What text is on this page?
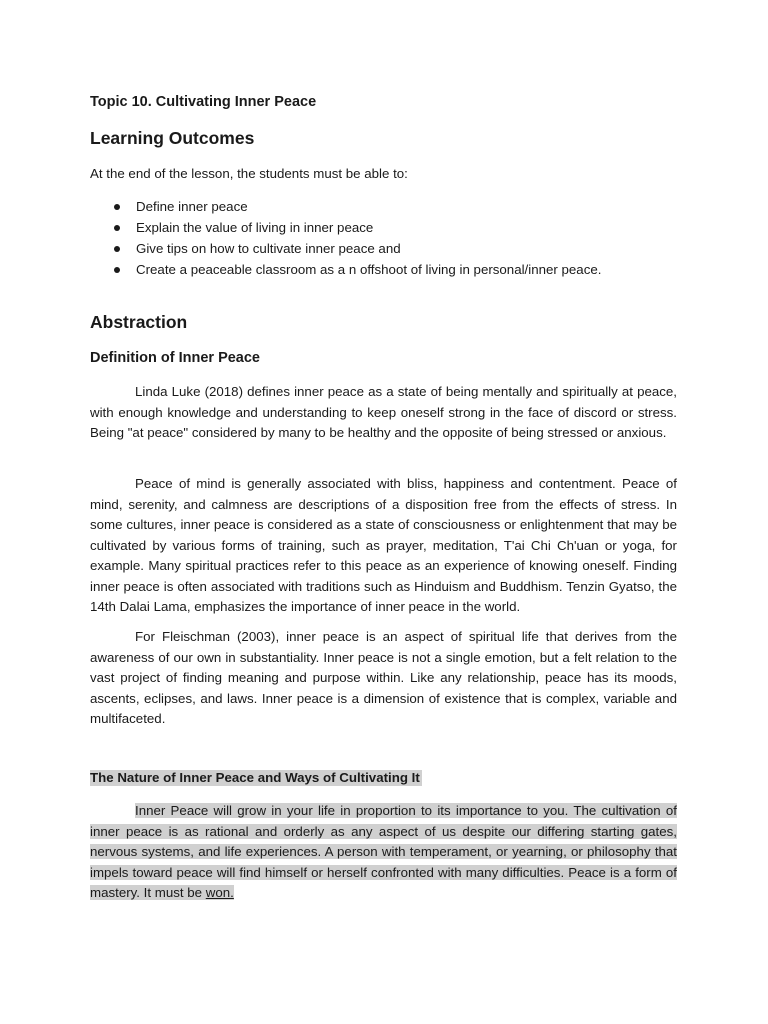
Topic 10. Cultivating Inner Peace
Learning Outcomes
At the end of the lesson, the students must be able to:
Define inner peace
Explain the value of living in inner peace
Give tips on how to cultivate inner peace and
Create a peaceable classroom as a n offshoot of living in personal/inner peace.
Abstraction
Definition of Inner Peace

Linda Luke (2018) defines inner peace as a state of being mentally and spiritually at peace, with enough knowledge and understanding to keep oneself strong in the face of discord or stress. Being "at peace" considered by many to be healthy and the opposite of being stressed or anxious.

Peace of mind is generally associated with bliss, happiness and contentment. Peace of mind, serenity, and calmness are descriptions of a disposition free from the effects of stress. In some cultures, inner peace is considered as a state of consciousness or enlightenment that may be cultivated by various forms of training, such as prayer, meditation, T'ai Chi Ch'uan or yoga, for example. Many spiritual practices refer to this peace as an experience of knowing oneself. Finding inner peace is often associated with traditions such as Hinduism and Buddhism. Tenzin Gyatso, the 14th Dalai Lama, emphasizes the importance of inner peace in the world.

For Fleischman (2003), inner peace is an aspect of spiritual life that derives from the awareness of our own in substantiality. Inner peace is not a single emotion, but a felt relation to the vast project of finding meaning and purpose within. Like any relationship, peace has its moods, ascents, eclipses, and laws. Inner peace is a dimension of existence that is complex, variable and multifaceted.

The Nature of Inner Peace and Ways of Cultivating It

Inner Peace will grow in your life in proportion to its importance to you. The cultivation of inner peace is as rational and orderly as any aspect of us despite our differing starting gates, nervous systems, and life experiences. A person with temperament, or yearning, or philosophy that impels toward peace will find himself or herself confronted with many difficulties. Peace is a form of mastery. It must be won.
